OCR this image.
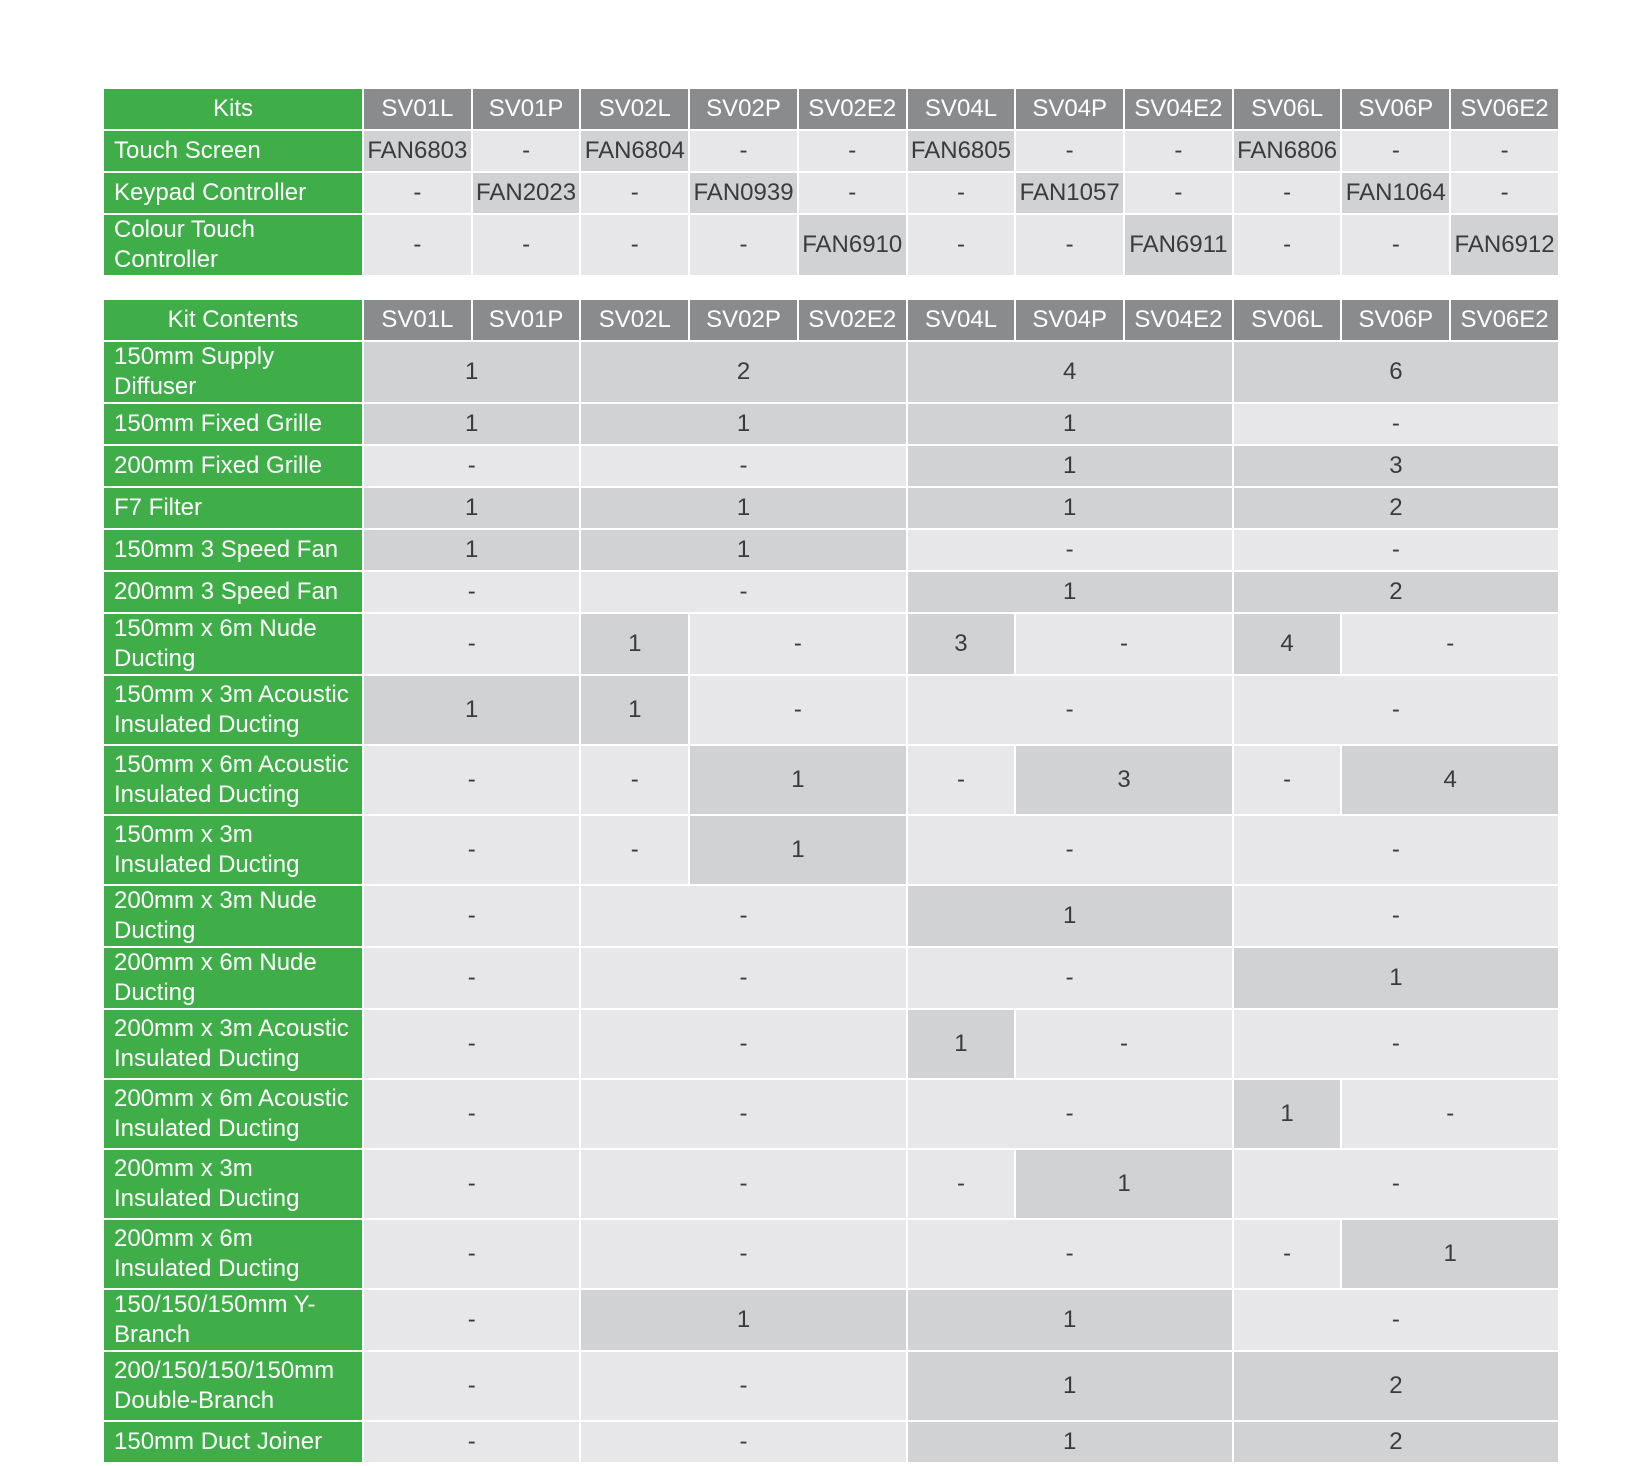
Kits	SV01L	SV01P	SV02L	SV02P	SV02E2	SV04L	SV04P	SV04E2	SV06L	SV06P	SV06E2
Touch Screen	FAN6803	-	FAN6804	-	-	FAN6805	-	-	FAN6806	-	-
Keypad Controller	-	FAN2023	-	FAN0939	-	-	FAN1057	-	-	FAN1064	-
Colour Touch Controller	-	-	-	-	FAN6910	-	-	FAN6911	-	-	FAN6912
Kit Contents	SV01L	SV01P	SV02L	SV02P	SV02E2	SV04L	SV04P	SV04E2	SV06L	SV06P	SV06E2
150mm Supply Diffuser	1		2			4			6		
150mm Fixed Grille	1		1			1			-		
200mm Fixed Grille	-		-			1			3		
F7 Filter	1		1			1			2		
150mm 3 Speed Fan	1		1			-			-		
200mm 3 Speed Fan	-		-			1			2		
150mm x 6m Nude Ducting	-		1	-		3	-		4	-	
150mm x 3m Acoustic Insulated Ducting	1		1	-		-			-		
150mm x 6m Acoustic Insulated Ducting	-		-	1		-	3		-	4	
150mm x 3m Insulated Ducting	-		-	1		-			-		
200mm x 3m Nude Ducting	-		-			1			-		
200mm x 6m Nude Ducting	-		-			-			1		
200mm x 3m Acoustic Insulated Ducting	-		-			1	-		-		
200mm x 6m Acoustic Insulated Ducting	-		-			-			1	-	
200mm x 3m Insulated Ducting	-		-			-	1		-		
200mm x 6m Insulated Ducting	-		-			-			-	1	
150/150/150mm Y-Branch	-		1			1			-		
200/150/150/150mm Double-Branch	-		-			1			2		
150mm Duct Joiner	-		-			1			2		
